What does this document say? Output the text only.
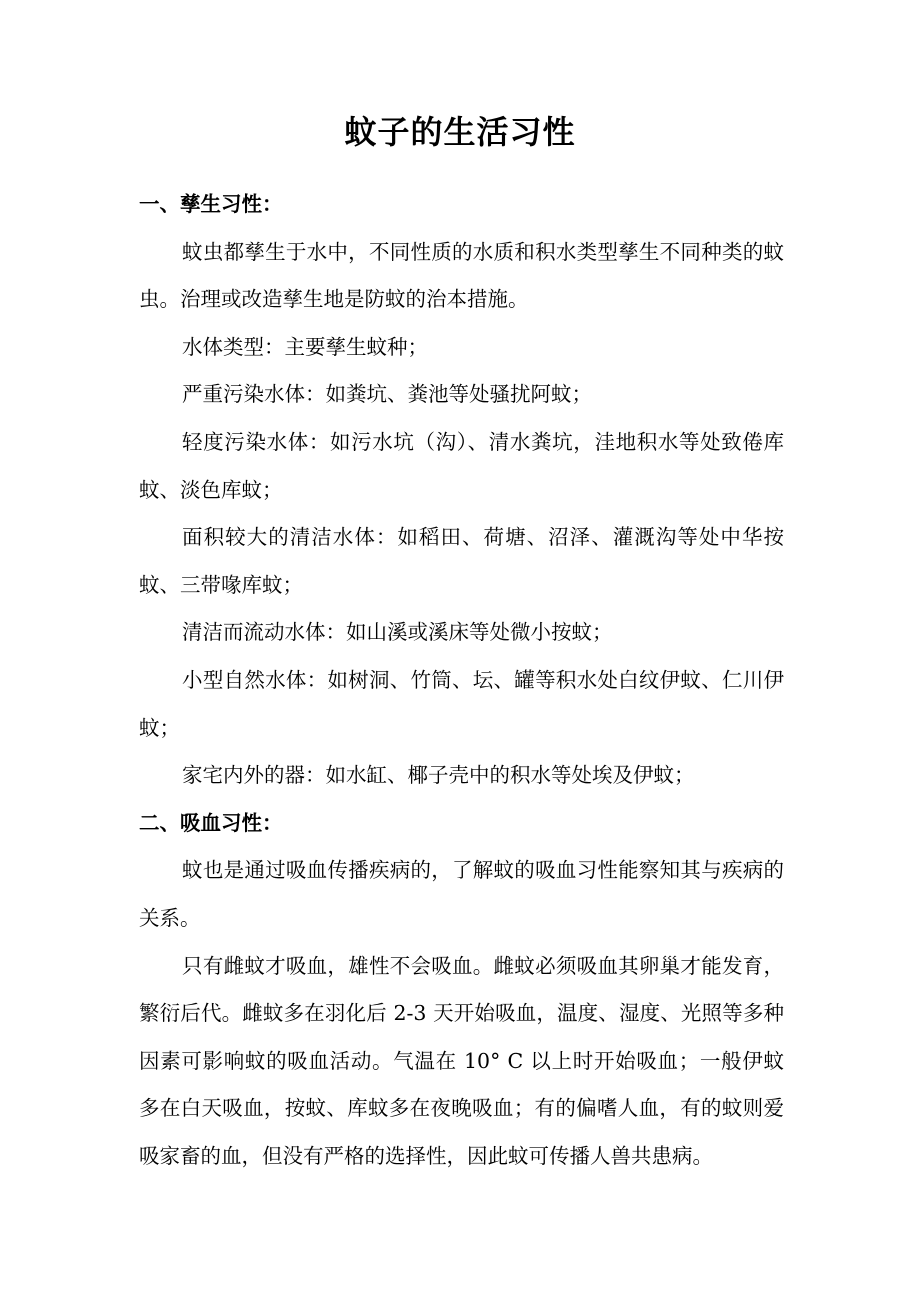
蚊子的生活习性

一、孳生习性：

蚊虫都孳生于水中，不同性质的水质和积水类型孳生不同种类的蚊虫。治理或改造孳生地是防蚊的治本措施。

水体类型：主要孳生蚊种；

严重污染水体：如粪坑、粪池等处骚扰阿蚊；

轻度污染水体：如污水坑（沟）、清水粪坑，洼地积水等处致倦库蚊、淡色库蚊；

面积较大的清洁水体：如稻田、荷塘、沼泽、灌溉沟等处中华按蚊、三带喙库蚊；

清洁而流动水体：如山溪或溪床等处微小按蚊；

小型自然水体：如树洞、竹筒、坛、罐等积水处白纹伊蚊、仁川伊蚊；

家宅内外的器：如水缸、椰子壳中的积水等处埃及伊蚊；

二、吸血习性：

蚊也是通过吸血传播疾病的，了解蚊的吸血习性能察知其与疾病的关系。

只有雌蚊才吸血，雄性不会吸血。雌蚊必须吸血其卵巢才能发育，繁衍后代。雌蚊多在羽化后 2-3 天开始吸血，温度、湿度、光照等多种因素可影响蚊的吸血活动。气温在 10° C 以上时开始吸血；一般伊蚊多在白天吸血，按蚊、库蚊多在夜晚吸血；有的偏嗜人血，有的蚊则爱吸家畜的血，但没有严格的选择性，因此蚊可传播人兽共患病。
